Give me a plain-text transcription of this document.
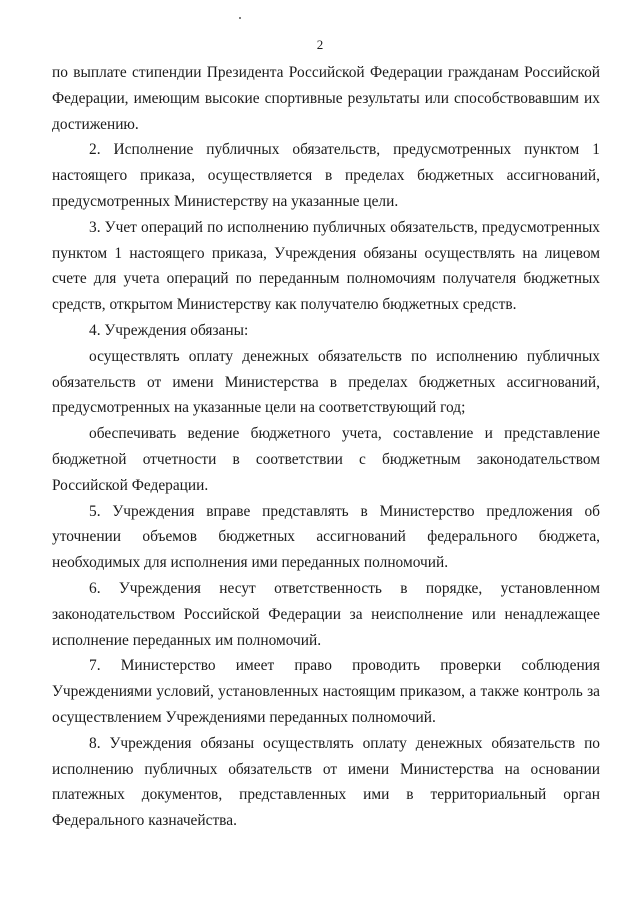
2

по выплате стипендии Президента Российской Федерации гражданам Российской Федерации, имеющим высокие спортивные результаты или способствовавшим их достижению.

2. Исполнение публичных обязательств, предусмотренных пунктом 1 настоящего приказа, осуществляется в пределах бюджетных ассигнований, предусмотренных Министерству на указанные цели.

3. Учет операций по исполнению публичных обязательств, предусмотренных пунктом 1 настоящего приказа, Учреждения обязаны осуществлять на лицевом счете для учета операций по переданным полномочиям получателя бюджетных средств, открытом Министерству как получателю бюджетных средств.

4. Учреждения обязаны:

осуществлять оплату денежных обязательств по исполнению публичных обязательств от имени Министерства в пределах бюджетных ассигнований, предусмотренных на указанные цели на соответствующий год;

обеспечивать ведение бюджетного учета, составление и представление бюджетной отчетности в соответствии с бюджетным законодательством Российской Федерации.

5. Учреждения вправе представлять в Министерство предложения об уточнении объемов бюджетных ассигнований федерального бюджета, необходимых для исполнения ими переданных полномочий.

6. Учреждения несут ответственность в порядке, установленном законодательством Российской Федерации за неисполнение или ненадлежащее исполнение переданных им полномочий.

7. Министерство имеет право проводить проверки соблюдения Учреждениями условий, установленных настоящим приказом, а также контроль за осуществлением Учреждениями переданных полномочий.

8. Учреждения обязаны осуществлять оплату денежных обязательств по исполнению публичных обязательств от имени Министерства на основании платежных документов, представленных ими в территориальный орган Федерального казначейства.
